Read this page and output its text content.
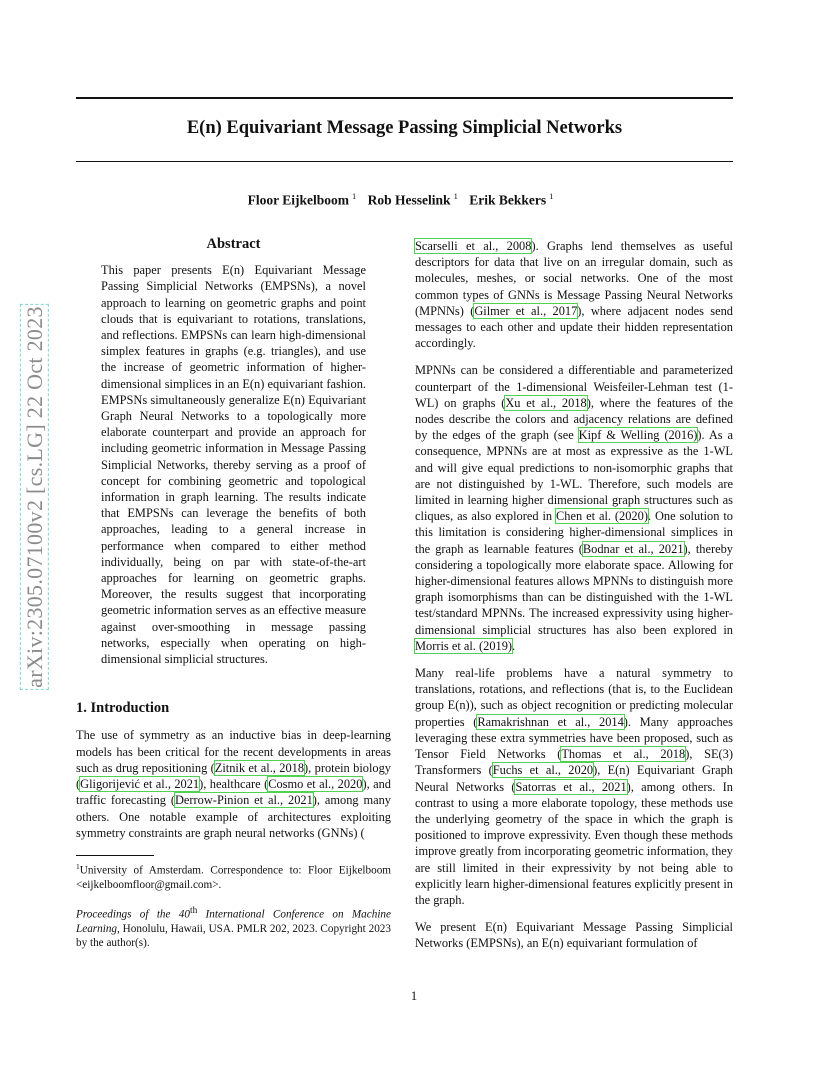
arXiv:2305.07100v2 [cs.LG] 22 Oct 2023
E(n) Equivariant Message Passing Simplicial Networks
Floor Eijkelboom $^1$ Rob Hesselink $^1$ Erik Bekkers $^1$
Abstract

This paper presents E(n) Equivariant Message Passing Simplicial Networks (EMPSNs), a novel approach to learning on geometric graphs and point clouds that is equivariant to rotations, translations, and reflections. EMPSNs can learn high-dimensional simplex features in graphs (e.g. triangles), and use the increase of geometric information of higher-dimensional simplices in an E(n) equivariant fashion. EMPSNs simultaneously generalize E(n) Equivariant Graph Neural Networks to a topologically more elaborate counterpart and provide an approach for including geometric information in Message Passing Simplicial Networks, thereby serving as a proof of concept for combining geometric and topological information in graph learning. The results indicate that EMPSNs can leverage the benefits of both approaches, leading to a general increase in performance when compared to either method individually, being on par with state-of-the-art approaches for learning on geometric graphs. Moreover, the results suggest that incorporating geometric information serves as an effective measure against over-smoothing in message passing networks, especially when operating on high-dimensional simplicial structures.

1. Introduction

The use of symmetry as an inductive bias in deep-learning models has been critical for the recent developments in areas such as drug repositioning (Zitnik et al., 2018), protein biology (Gligorijević et al., 2021), healthcare (Cosmo et al., 2020), and traffic forecasting (Derrow-Pinion et al., 2021), among many others. One notable example of architectures exploiting symmetry constraints are graph neural networks (GNNs) (

$^1$University of Amsterdam. Correspondence to: Floor Eijkelboom <eijkelboomfloor@gmail.com>.

Proceedings of the 40th International Conference on Machine Learning, Honolulu, Hawaii, USA. PMLR 202, 2023. Copyright 2023 by the author(s).

Scarselli et al., 2008). Graphs lend themselves as useful descriptors for data that live on an irregular domain, such as molecules, meshes, or social networks. One of the most common types of GNNs is Message Passing Neural Networks (MPNNs) (Gilmer et al., 2017), where adjacent nodes send messages to each other and update their hidden representation accordingly.

MPNNs can be considered a differentiable and parameterized counterpart of the 1-dimensional Weisfeiler-Lehman test (1-WL) on graphs (Xu et al., 2018), where the features of the nodes describe the colors and adjacency relations are defined by the edges of the graph (see Kipf & Welling (2016)). As a consequence, MPNNs are at most as expressive as the 1-WL and will give equal predictions to non-isomorphic graphs that are not distinguished by 1-WL. Therefore, such models are limited in learning higher dimensional graph structures such as cliques, as also explored in Chen et al. (2020). One solution to this limitation is considering higher-dimensional simplices in the graph as learnable features (Bodnar et al., 2021), thereby considering a topologically more elaborate space. Allowing for higher-dimensional features allows MPNNs to distinguish more graph isomorphisms than can be distinguished with the 1-WL test/standard MPNNs. The increased expressivity using higher-dimensional simplicial structures has also been explored in Morris et al. (2019).

Many real-life problems have a natural symmetry to translations, rotations, and reflections (that is, to the Euclidean group E(n)), such as object recognition or predicting molecular properties (Ramakrishnan et al., 2014). Many approaches leveraging these extra symmetries have been proposed, such as Tensor Field Networks (Thomas et al., 2018), SE(3) Transformers (Fuchs et al., 2020), E(n) Equivariant Graph Neural Networks (Satorras et al., 2021), among others. In contrast to using a more elaborate topology, these methods use the underlying geometry of the space in which the graph is positioned to improve expressivity. Even though these methods improve greatly from incorporating geometric information, they are still limited in their expressivity by not being able to explicitly learn higher-dimensional features explicitly present in the graph.

We present E(n) Equivariant Message Passing Simplicial Networks (EMPSNs), an E(n) equivariant formulation of

1
